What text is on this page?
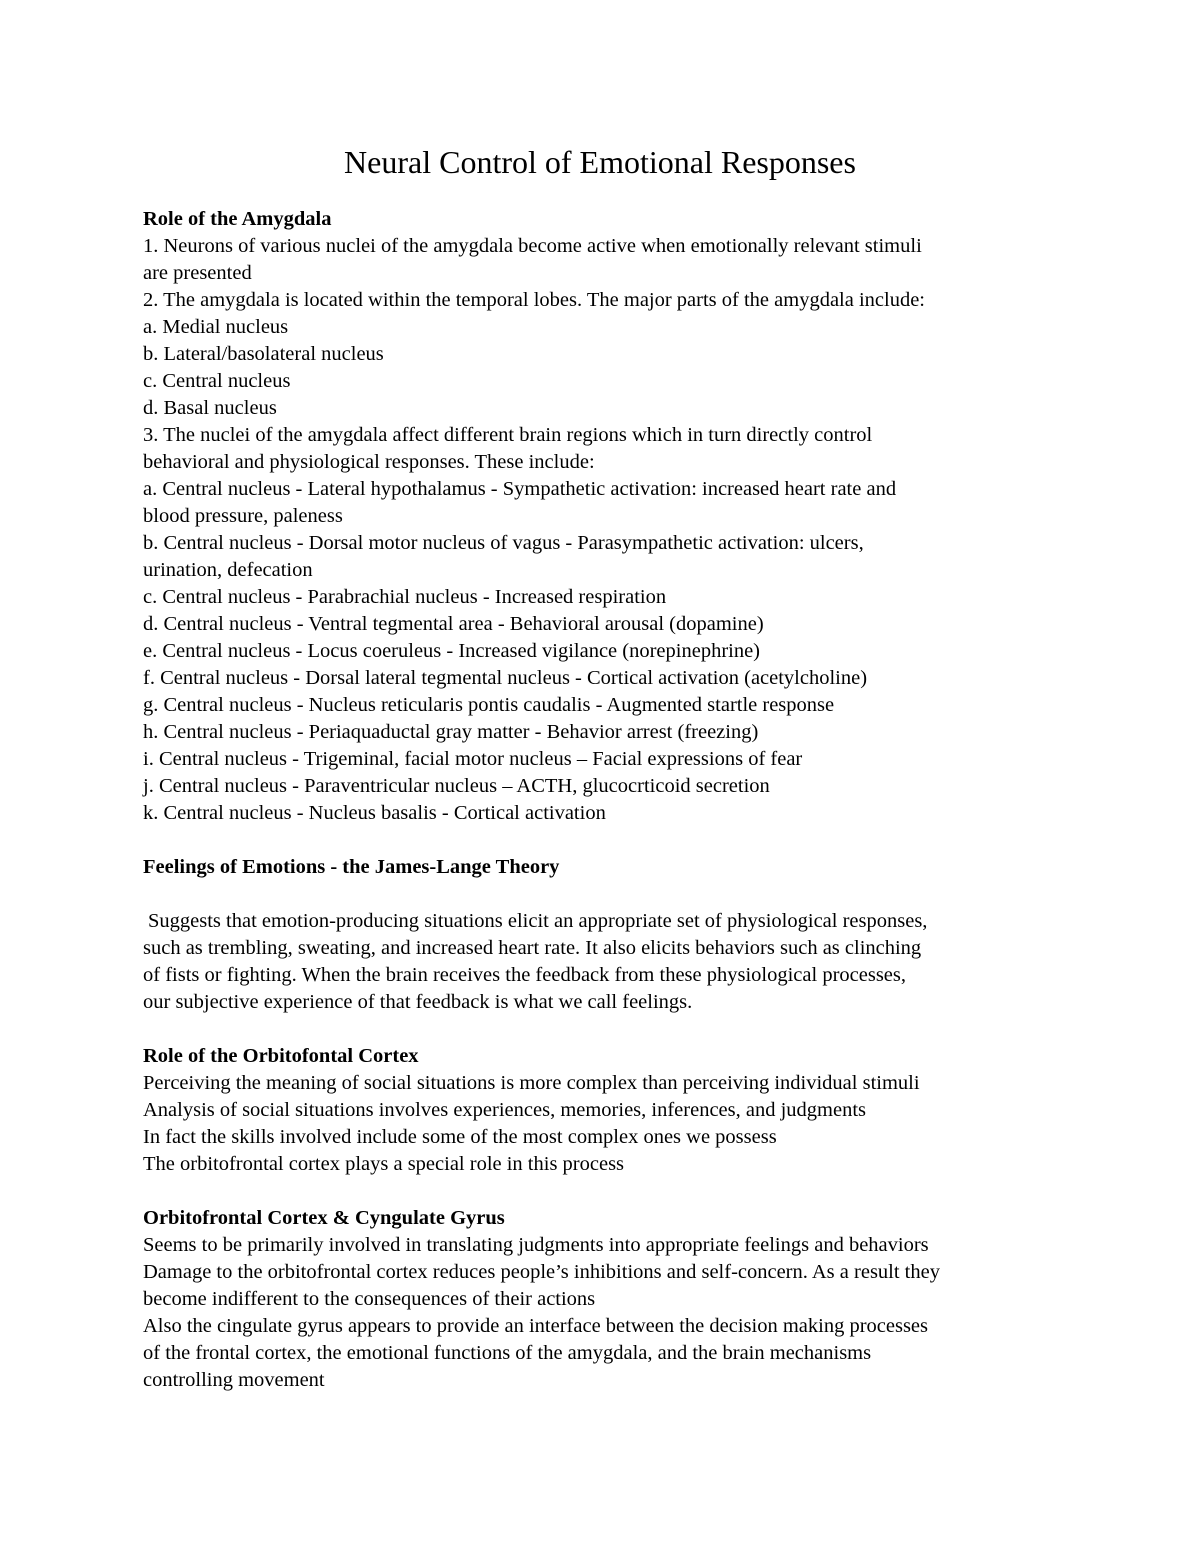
Neural Control of Emotional Responses

Role of the Amygdala

1. Neurons of various nuclei of the amygdala become active when emotionally relevant stimuli

are presented

2. The amygdala is located within the temporal lobes. The major parts of the amygdala include:

a. Medial nucleus

b. Lateral/basolateral nucleus

c. Central nucleus

d. Basal nucleus

3. The nuclei of the amygdala affect different brain regions which in turn directly control

behavioral and physiological responses. These include:

a. Central nucleus - Lateral hypothalamus - Sympathetic activation: increased heart rate and

blood pressure, paleness

b. Central nucleus - Dorsal motor nucleus of vagus - Parasympathetic activation: ulcers,

urination, defecation

c. Central nucleus - Parabrachial nucleus - Increased respiration

d. Central nucleus - Ventral tegmental area - Behavioral arousal (dopamine)

e. Central nucleus - Locus coeruleus - Increased vigilance (norepinephrine)

f. Central nucleus - Dorsal lateral tegmental nucleus - Cortical activation (acetylcholine)

g. Central nucleus - Nucleus reticularis pontis caudalis - Augmented startle response

h. Central nucleus - Periaquaductal gray matter - Behavior arrest (freezing)

i. Central nucleus - Trigeminal, facial motor nucleus – Facial expressions of fear

j. Central nucleus - Paraventricular nucleus – ACTH, glucocrticoid secretion

k. Central nucleus - Nucleus basalis - Cortical activation

Feelings of Emotions - the James-Lange Theory

Suggests that emotion-producing situations elicit an appropriate set of physiological responses,

such as trembling, sweating, and increased heart rate. It also elicits behaviors such as clinching

of fists or fighting. When the brain receives the feedback from these physiological processes,

our subjective experience of that feedback is what we call feelings.

Role of the Orbitofontal Cortex

Perceiving the meaning of social situations is more complex than perceiving individual stimuli

Analysis of social situations involves experiences, memories, inferences, and judgments

In fact the skills involved include some of the most complex ones we possess

The orbitofrontal cortex plays a special role in this process

Orbitofrontal Cortex & Cyngulate Gyrus

Seems to be primarily involved in translating judgments into appropriate feelings and behaviors

Damage to the orbitofrontal cortex reduces people’s inhibitions and self-concern. As a result they

become indifferent to the consequences of their actions

Also the cingulate gyrus appears to provide an interface between the decision making processes

of the frontal cortex, the emotional functions of the amygdala, and the brain mechanisms

controlling movement
